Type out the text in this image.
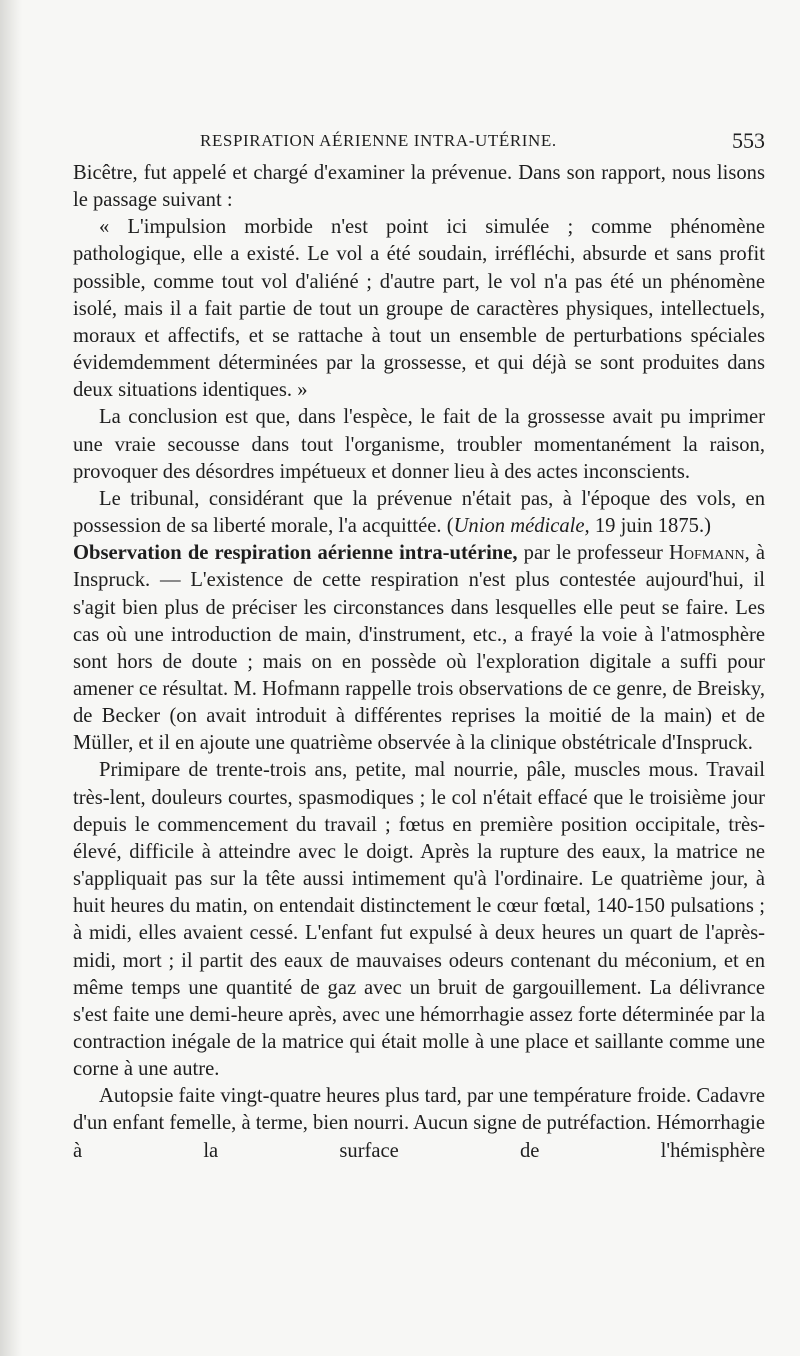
RESPIRATION AÉRIENNE INTRA-UTÉRINE.	553

Bicêtre, fut appelé et chargé d'examiner la prévenue. Dans son rapport, nous lisons le passage suivant :

« L'impulsion morbide n'est point ici simulée ; comme phénomène pathologique, elle a existé. Le vol a été soudain, irréfléchi, absurde et sans profit possible, comme tout vol d'aliéné ; d'autre part, le vol n'a pas été un phénomène isolé, mais il a fait partie de tout un groupe de caractères physiques, intellectuels, moraux et affectifs, et se rattache à tout un ensemble de perturbations spéciales évidemdemment déterminées par la grossesse, et qui déjà se sont produites dans deux situations identiques. »

La conclusion est que, dans l'espèce, le fait de la grossesse avait pu imprimer une vraie secousse dans tout l'organisme, troubler momentanément la raison, provoquer des désordres impétueux et donner lieu à des actes inconscients.

Le tribunal, considérant que la prévenue n'était pas, à l'époque des vols, en possession de sa liberté morale, l'a acquittée. (Union médicale, 19 juin 1875.)

Observation de respiration aérienne intra-utérine, par le professeur Hofmann, à Inspruck. — L'existence de cette respiration n'est plus contestée aujourd'hui, il s'agit bien plus de préciser les circonstances dans lesquelles elle peut se faire. Les cas où une introduction de main, d'instrument, etc., a frayé la voie à l'atmosphère sont hors de doute ; mais on en possède où l'exploration digitale a suffi pour amener ce résultat. M. Hofmann rappelle trois observations de ce genre, de Breisky, de Becker (on avait introduit à différentes reprises la moitié de la main) et de Müller, et il en ajoute une quatrième observée à la clinique obstétricale d'Inspruck.

Primipare de trente-trois ans, petite, mal nourrie, pâle, muscles mous. Travail très-lent, douleurs courtes, spasmodiques ; le col n'était effacé que le troisième jour depuis le commencement du travail ; fœtus en première position occipitale, très-élevé, difficile à atteindre avec le doigt. Après la rupture des eaux, la matrice ne s'appliquait pas sur la tête aussi intimement qu'à l'ordinaire. Le quatrième jour, à huit heures du matin, on entendait distinctement le cœur fœtal, 140-150 pulsations ; à midi, elles avaient cessé. L'enfant fut expulsé à deux heures un quart de l'après-midi, mort ; il partit des eaux de mauvaises odeurs contenant du méconium, et en même temps une quantité de gaz avec un bruit de gargouillement. La délivrance s'est faite une demi-heure après, avec une hémorrhagie assez forte déterminée par la contraction inégale de la matrice qui était molle à une place et saillante comme une corne à une autre.

Autopsie faite vingt-quatre heures plus tard, par une température froide. Cadavre d'un enfant femelle, à terme, bien nourri. Aucun signe de putréfaction. Hémorrhagie à la surface de l'hémisphère
